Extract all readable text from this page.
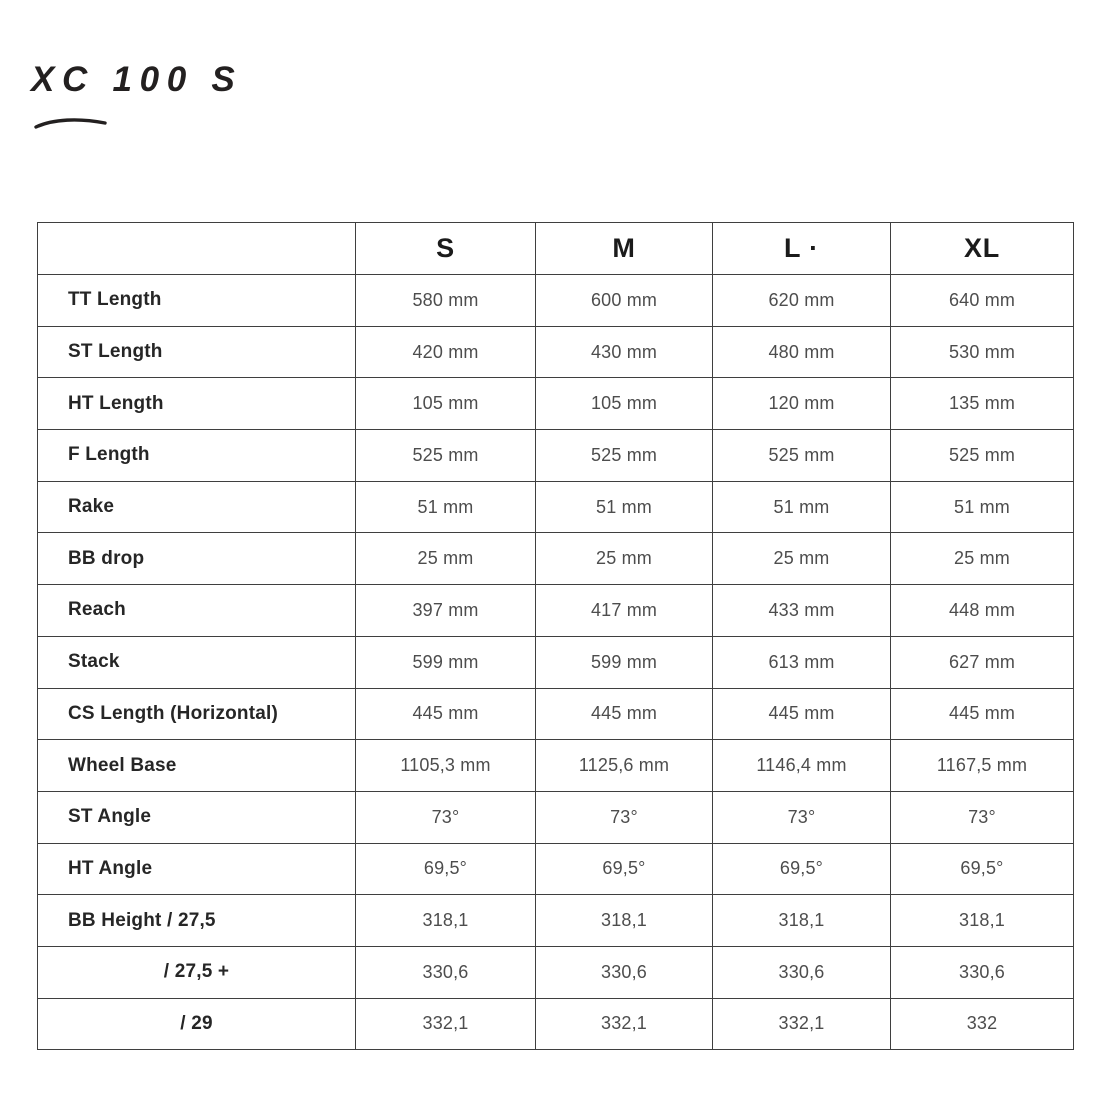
XC 100 S
	S	M	L ·	XL
TT Length	580 mm	600 mm	620 mm	640 mm
ST Length	420 mm	430 mm	480 mm	530 mm
HT Length	105 mm	105 mm	120 mm	135 mm
F Length	525 mm	525 mm	525 mm	525 mm
Rake	51 mm	51 mm	51 mm	51 mm
BB drop	25 mm	25 mm	25 mm	25 mm
Reach	397 mm	417 mm	433 mm	448 mm
Stack	599 mm	599 mm	613 mm	627 mm
CS Length (Horizontal)	445 mm	445 mm	445 mm	445 mm
Wheel Base	1105,3 mm	1125,6 mm	1146,4 mm	1167,5 mm
ST Angle	73°	73°	73°	73°
HT Angle	69,5°	69,5°	69,5°	69,5°
BB Height / 27,5	318,1	318,1	318,1	318,1
/ 27,5 +	330,6	330,6	330,6	330,6
/ 29	332,1	332,1	332,1	332
